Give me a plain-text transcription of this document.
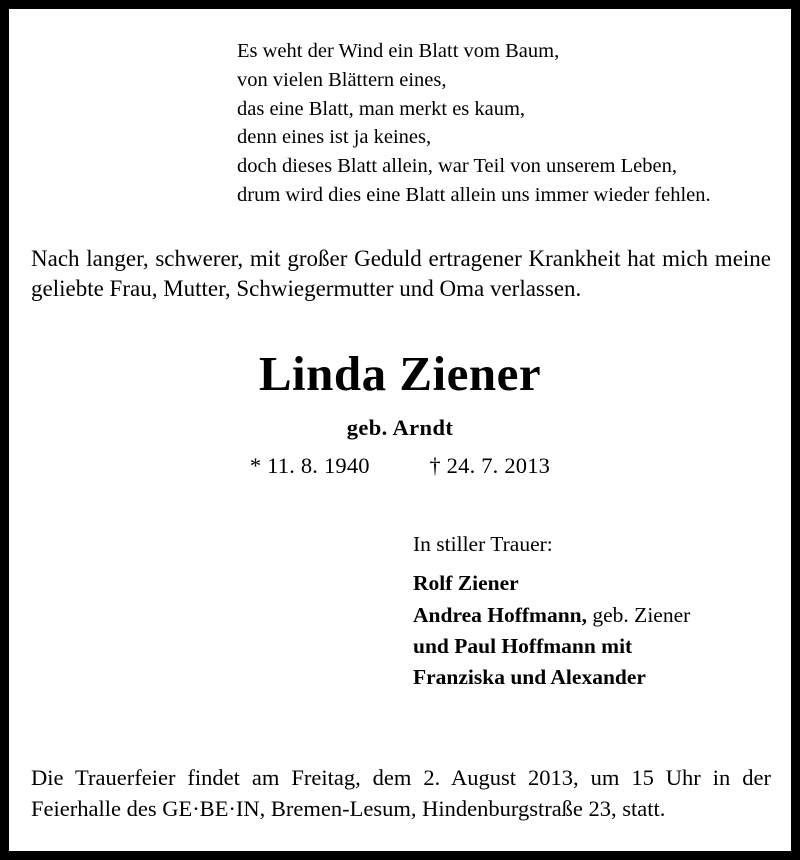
Es weht der Wind ein Blatt vom Baum,
von vielen Blättern eines,
das eine Blatt, man merkt es kaum,
denn eines ist ja keines,
doch dieses Blatt allein, war Teil von unserem Leben,
drum wird dies eine Blatt allein uns immer wieder fehlen.

Nach langer, schwerer, mit großer Geduld ertragener Krankheit hat mich meine geliebte Frau, Mutter, Schwiegermutter und Oma verlassen.

Linda Ziener
geb. Arndt
* 11. 8. 1940	† 24. 7. 2013
In stiller Trauer:
Rolf Ziener
Andrea Hoffmann, geb. Ziener
und Paul Hoffmann mit
Franziska und Alexander

Die Trauerfeier findet am Freitag, dem 2. August 2013, um 15 Uhr in der Feierhalle des GE·BE·IN, Bremen-Lesum, Hindenburgstraße 23, statt.
